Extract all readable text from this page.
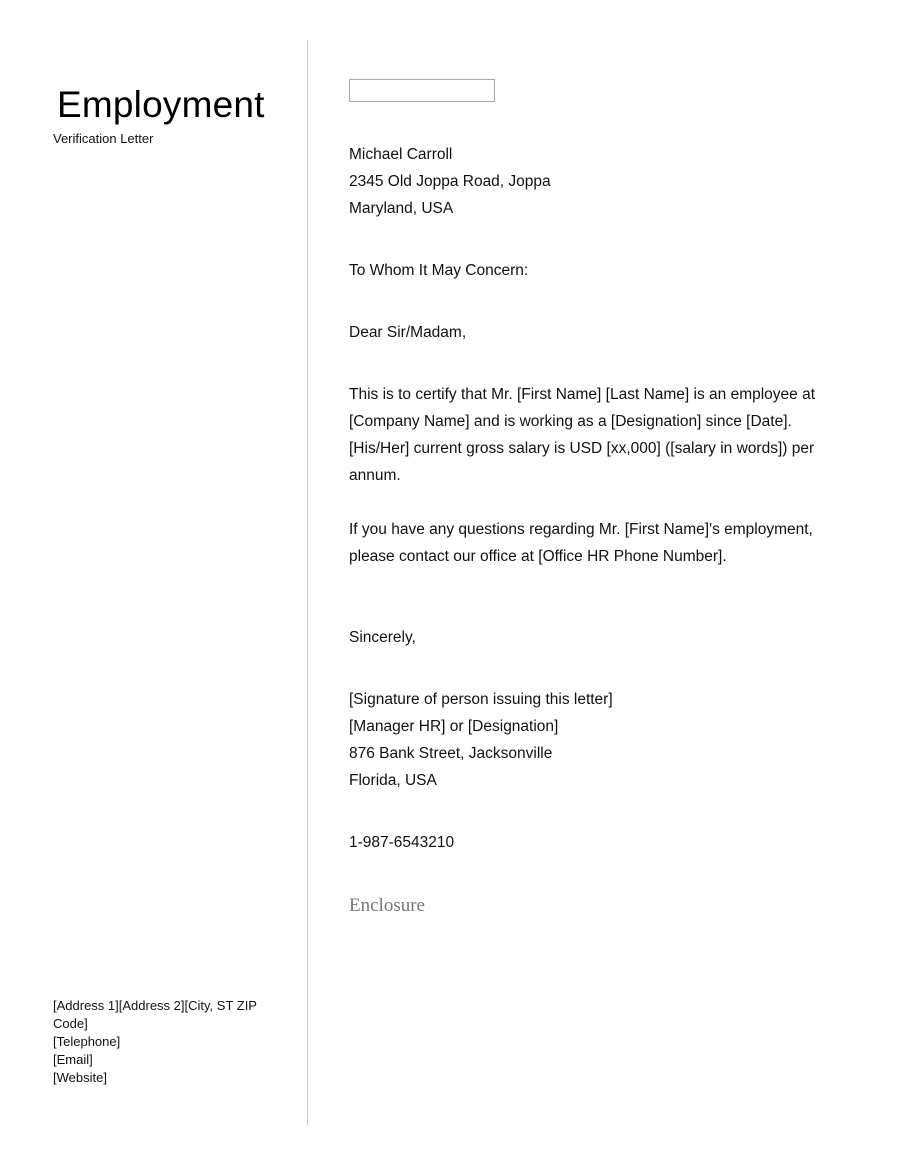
Employment
Verification Letter
Michael Carroll
2345 Old Joppa Road, Joppa
Maryland, USA

To Whom It May Concern:

Dear Sir/Madam,

This is to certify that Mr. [First Name] [Last Name] is an employee at [Company Name] and is working as a [Designation] since [Date]. [His/Her] current gross salary is USD [xx,000] ([salary in words]) per annum.

If you have any questions regarding Mr. [First Name]'s employment, please contact our office at [Office HR Phone Number].

Sincerely,

[Signature of person issuing this letter]
[Manager HR] or [Designation]
876 Bank Street, Jacksonville
Florida, USA
1-987-6543210
Enclosure
[Address 1][Address 2][City, ST ZIP Code]
[Telephone]
[Email]
[Website]
